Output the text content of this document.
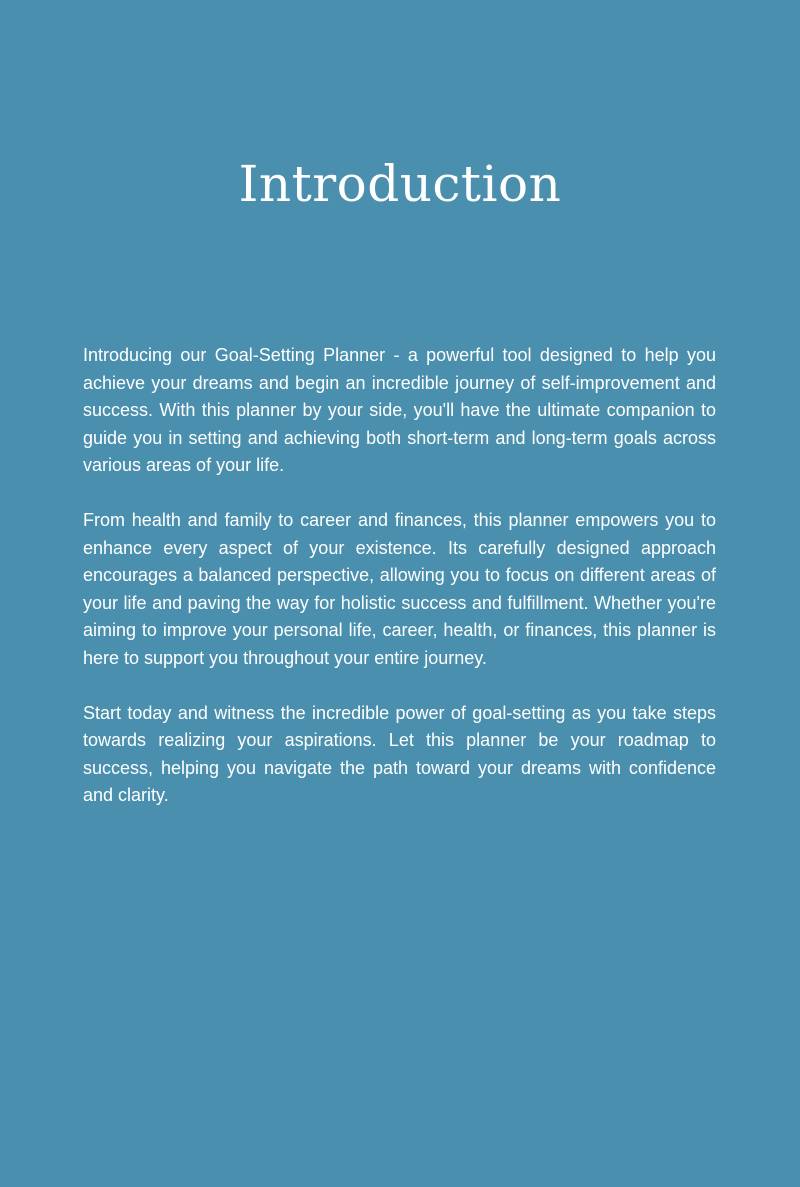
Introduction

Introducing our Goal-Setting Planner - a powerful tool designed to help you achieve your dreams and begin an incredible journey of self-improvement and success. With this planner by your side, you'll have the ultimate companion to guide you in setting and achieving both short-term and long-term goals across various areas of your life.

From health and family to career and finances, this planner empowers you to enhance every aspect of your existence. Its carefully designed approach encourages a balanced perspective, allowing you to focus on different areas of your life and paving the way for holistic success and fulfillment. Whether you're aiming to improve your personal life, career, health, or finances, this planner is here to support you throughout your entire journey.

Start today and witness the incredible power of goal-setting as you take steps towards realizing your aspirations. Let this planner be your roadmap to success, helping you navigate the path toward your dreams with confidence and clarity.
